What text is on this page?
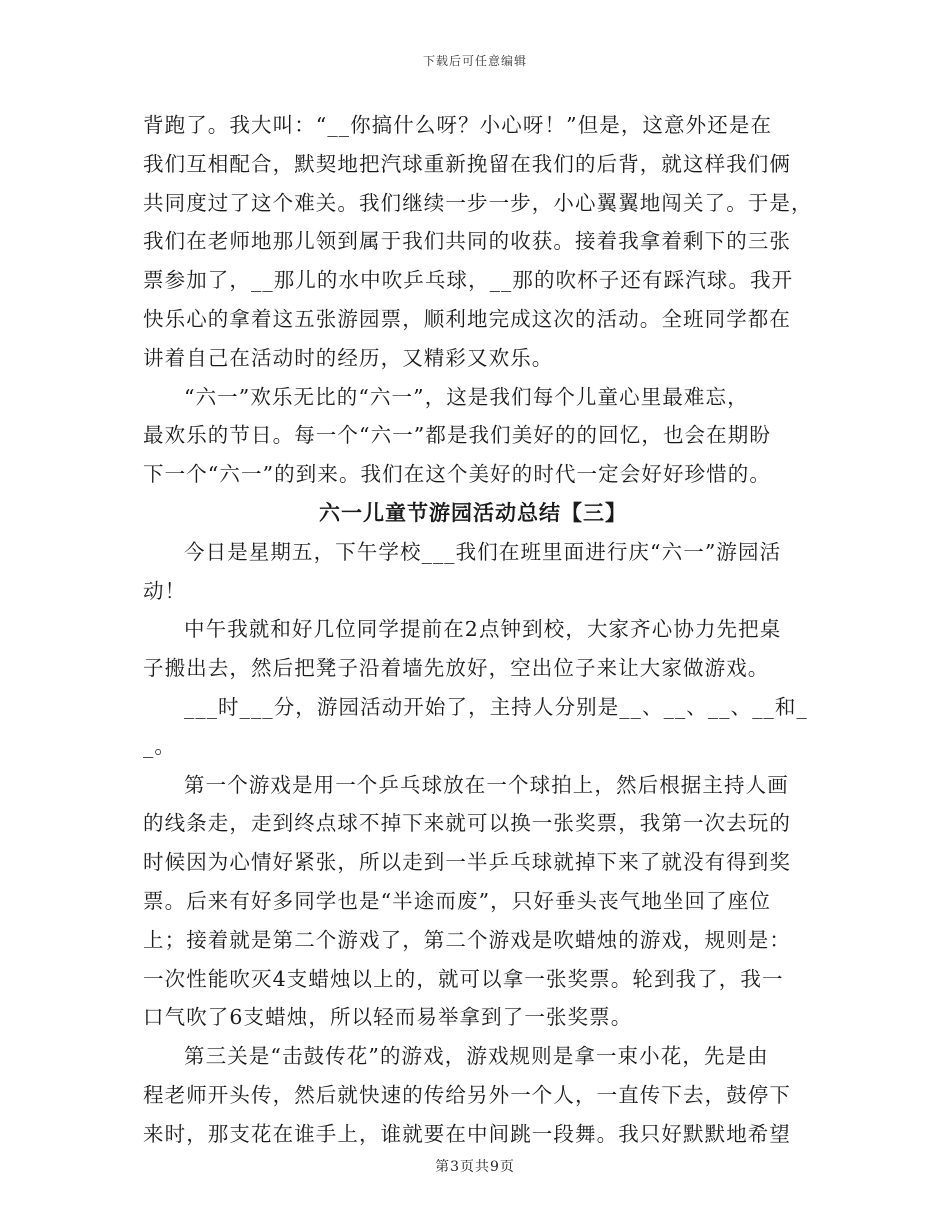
下载后可任意编辑
背跑了。我大叫：“__你搞什么呀？小心呀！”但是，这意外还是在
我们互相配合，默契地把汽球重新挽留在我们的后背，就这样我们俩
共同度过了这个难关。我们继续一步一步，小心翼翼地闯关了。于是，
我们在老师地那儿领到属于我们共同的收获。接着我拿着剩下的三张
票参加了，__那儿的水中吹乒乓球，__那的吹杯子还有踩汽球。我开
快乐心的拿着这五张游园票，顺利地完成这次的活动。全班同学都在
讲着自己在活动时的经历，又精彩又欢乐。
“六一”欢乐无比的“六一”，这是我们每个儿童心里最难忘，
最欢乐的节日。每一个“六一”都是我们美好的的回忆，也会在期盼
下一个“六一”的到来。我们在这个美好的时代一定会好好珍惜的。
六一儿童节游园活动总结【三】
今日是星期五，下午学校___我们在班里面进行庆“六一”游园活
动！
中午我就和好几位同学提前在2点钟到校，大家齐心协力先把桌
子搬出去，然后把凳子沿着墙先放好，空出位子来让大家做游戏。
___时___分，游园活动开始了，主持人分别是__、__、__、__和_
_。
第一个游戏是用一个乒乓球放在一个球拍上，然后根据主持人画
的线条走，走到终点球不掉下来就可以换一张奖票，我第一次去玩的
时候因为心情好紧张，所以走到一半乒乓球就掉下来了就没有得到奖
票。后来有好多同学也是“半途而废”，只好垂头丧气地坐回了座位
上；接着就是第二个游戏了，第二个游戏是吹蜡烛的游戏，规则是：
一次性能吹灭4支蜡烛以上的，就可以拿一张奖票。轮到我了，我一
口气吹了6支蜡烛，所以轻而易举拿到了一张奖票。
第三关是“击鼓传花”的游戏，游戏规则是拿一束小花，先是由
程老师开头传，然后就快速的传给另外一个人，一直传下去，鼓停下
来时，那支花在谁手上，谁就要在中间跳一段舞。我只好默默地希望
第3页共9页
